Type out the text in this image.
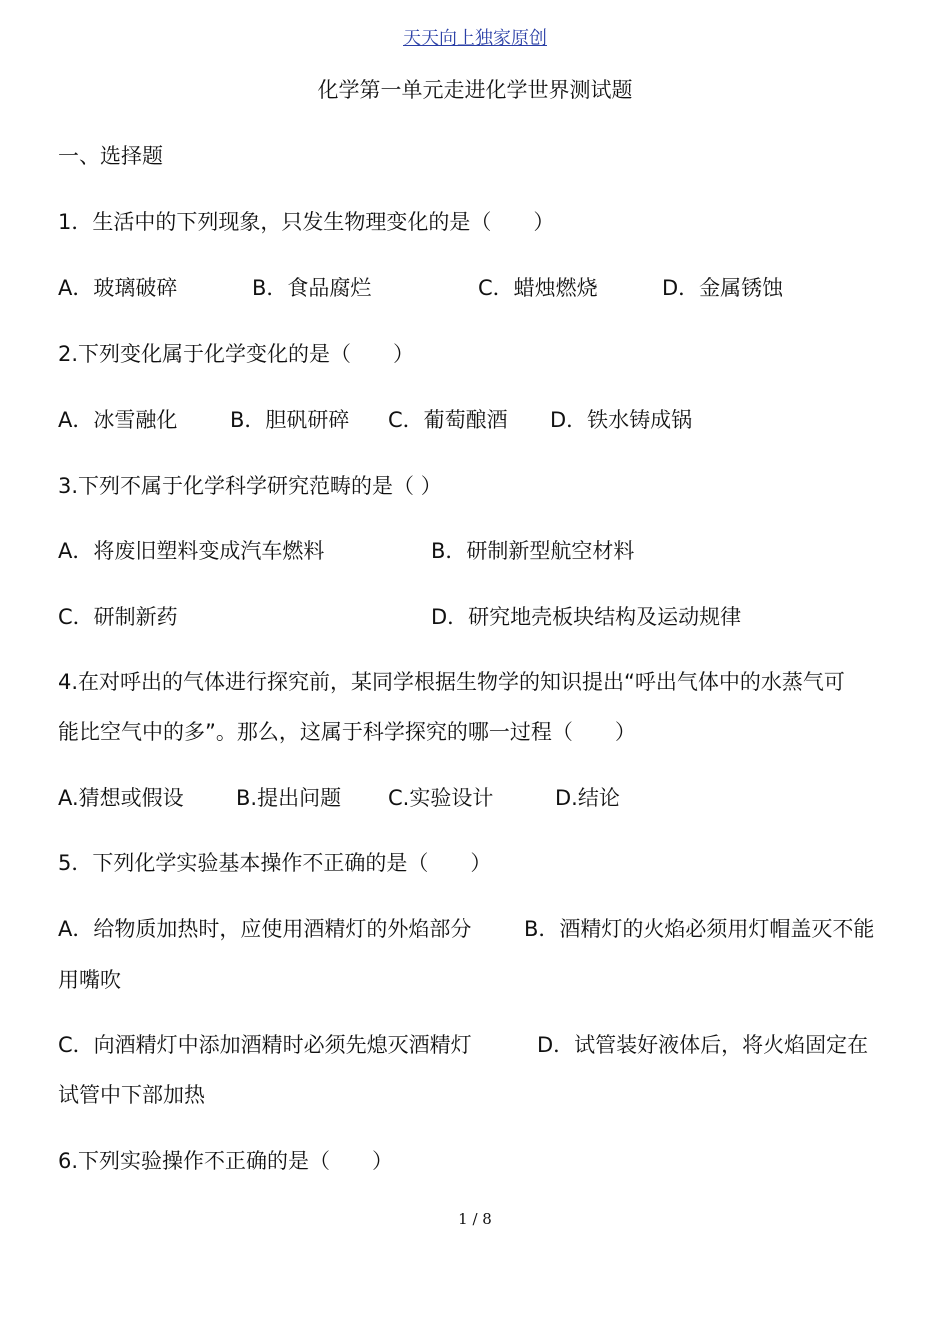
天天向上独家原创
化学第一单元走进化学世界测试题
一、选择题
1．生活中的下列现象，只发生物理变化的是（　　）
A．玻璃破碎	B．食品腐烂	C．蜡烛燃烧	D．金属锈蚀
2.下列变化属于化学变化的是（　　）
A．冰雪融化	B．胆矾研碎 C．葡萄酿酒 D．铁水铸成锅
3.下列不属于化学科学研究范畴的是（ ）
A．将废旧塑料变成汽车燃料	B．研制新型航空材料
C．研制新药	D．研究地壳板块结构及运动规律
4.在对呼出的气体进行探究前，某同学根据生物学的知识提出“呼出气体中的水蒸气可
能比空气中的多”。那么，这属于科学探究的哪一过程（　　）
A.猜想或假设 B.提出问题 C.实验设计	D.结论
5．下列化学实验基本操作不正确的是（　　）
A．给物质加热时，应使用酒精灯的外焰部分	B．酒精灯的火焰必须用灯帽盖灭不能
用嘴吹
C．向酒精灯中添加酒精时必须先熄灭酒精灯	D．试管装好液体后，将火焰固定在
试管中下部加热
6.下列实验操作不正确的是（　　）
1 / 8
